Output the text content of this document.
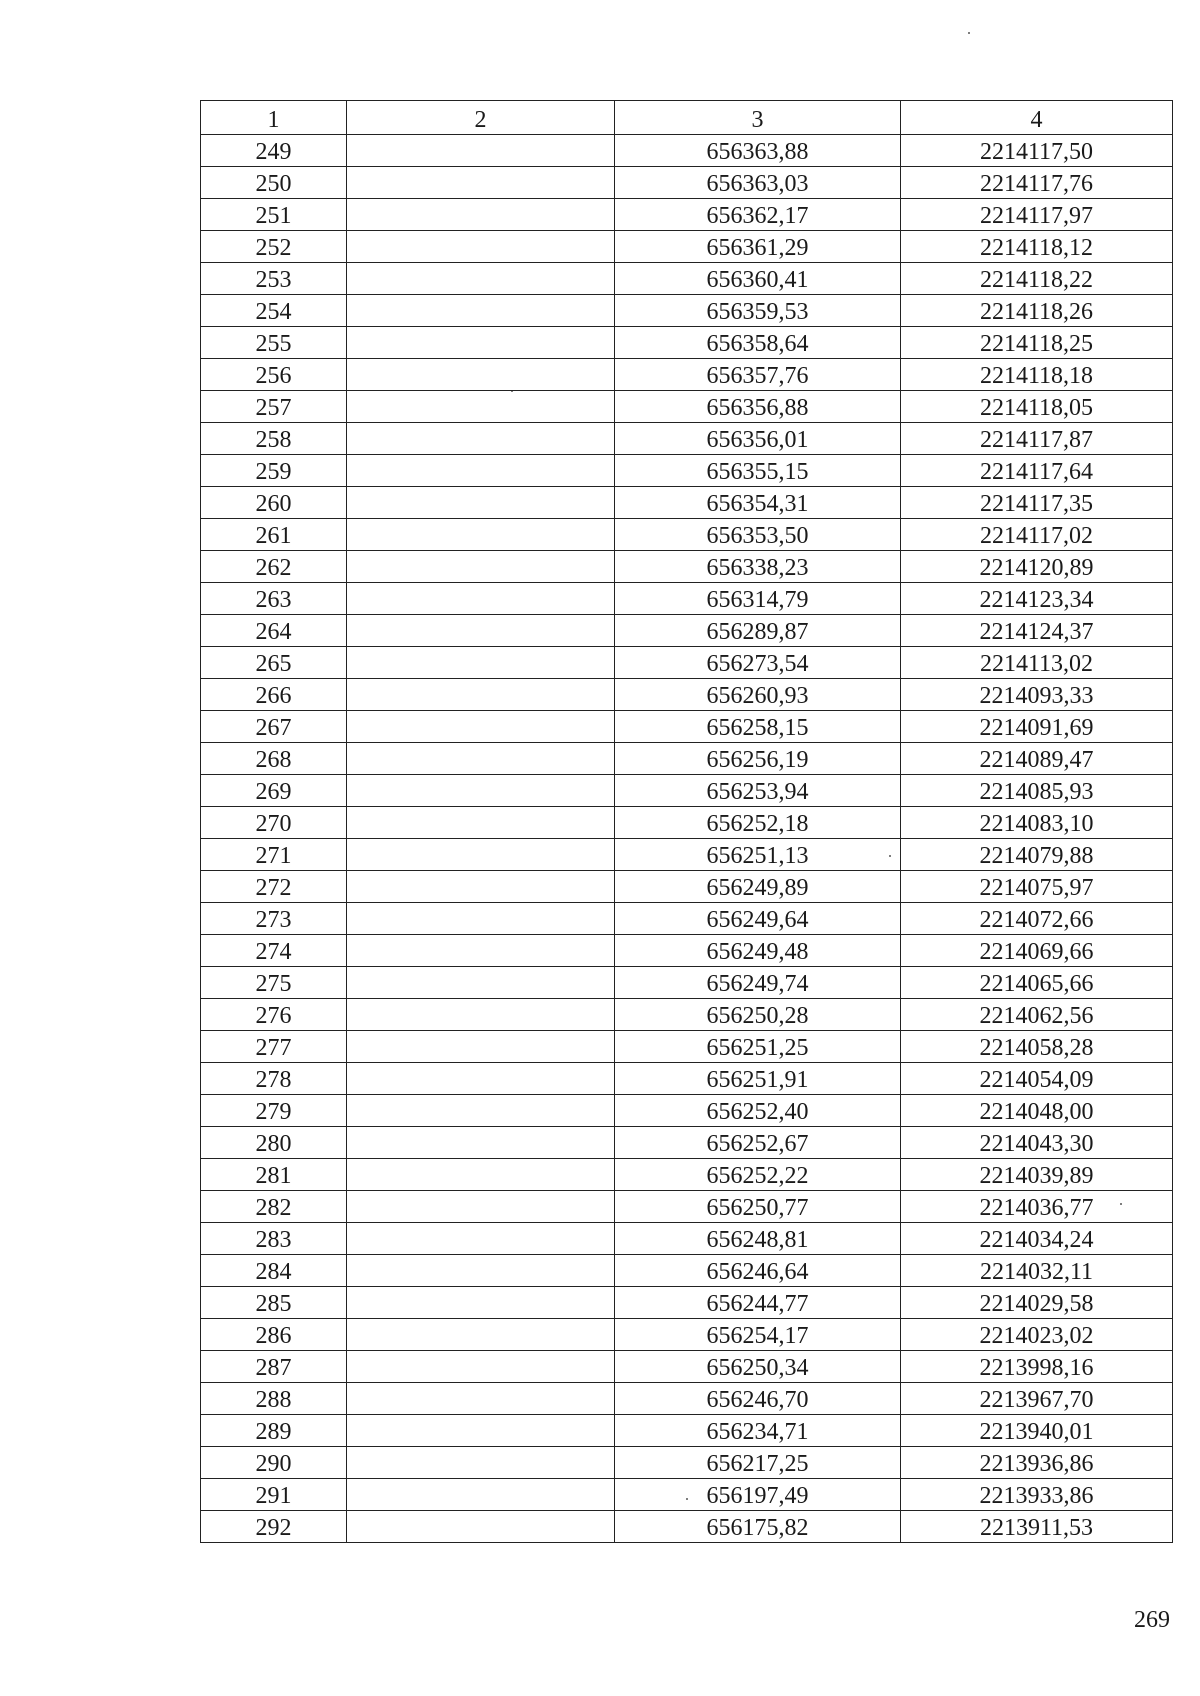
1	2	3	4
249		656363,88	2214117,50
250		656363,03	2214117,76
251		656362,17	2214117,97
252		656361,29	2214118,12
253		656360,41	2214118,22
254		656359,53	2214118,26
255		656358,64	2214118,25
256		656357,76	2214118,18
257		656356,88	2214118,05
258		656356,01	2214117,87
259		656355,15	2214117,64
260		656354,31	2214117,35
261		656353,50	2214117,02
262		656338,23	2214120,89
263		656314,79	2214123,34
264		656289,87	2214124,37
265		656273,54	2214113,02
266		656260,93	2214093,33
267		656258,15	2214091,69
268		656256,19	2214089,47
269		656253,94	2214085,93
270		656252,18	2214083,10
271		656251,13	2214079,88
272		656249,89	2214075,97
273		656249,64	2214072,66
274		656249,48	2214069,66
275		656249,74	2214065,66
276		656250,28	2214062,56
277		656251,25	2214058,28
278		656251,91	2214054,09
279		656252,40	2214048,00
280		656252,67	2214043,30
281		656252,22	2214039,89
282		656250,77	2214036,77
283		656248,81	2214034,24
284		656246,64	2214032,11
285		656244,77	2214029,58
286		656254,17	2214023,02
287		656250,34	2213998,16
288		656246,70	2213967,70
289		656234,71	2213940,01
290		656217,25	2213936,86
291		656197,49	2213933,86
292		656175,82	2213911,53
269
